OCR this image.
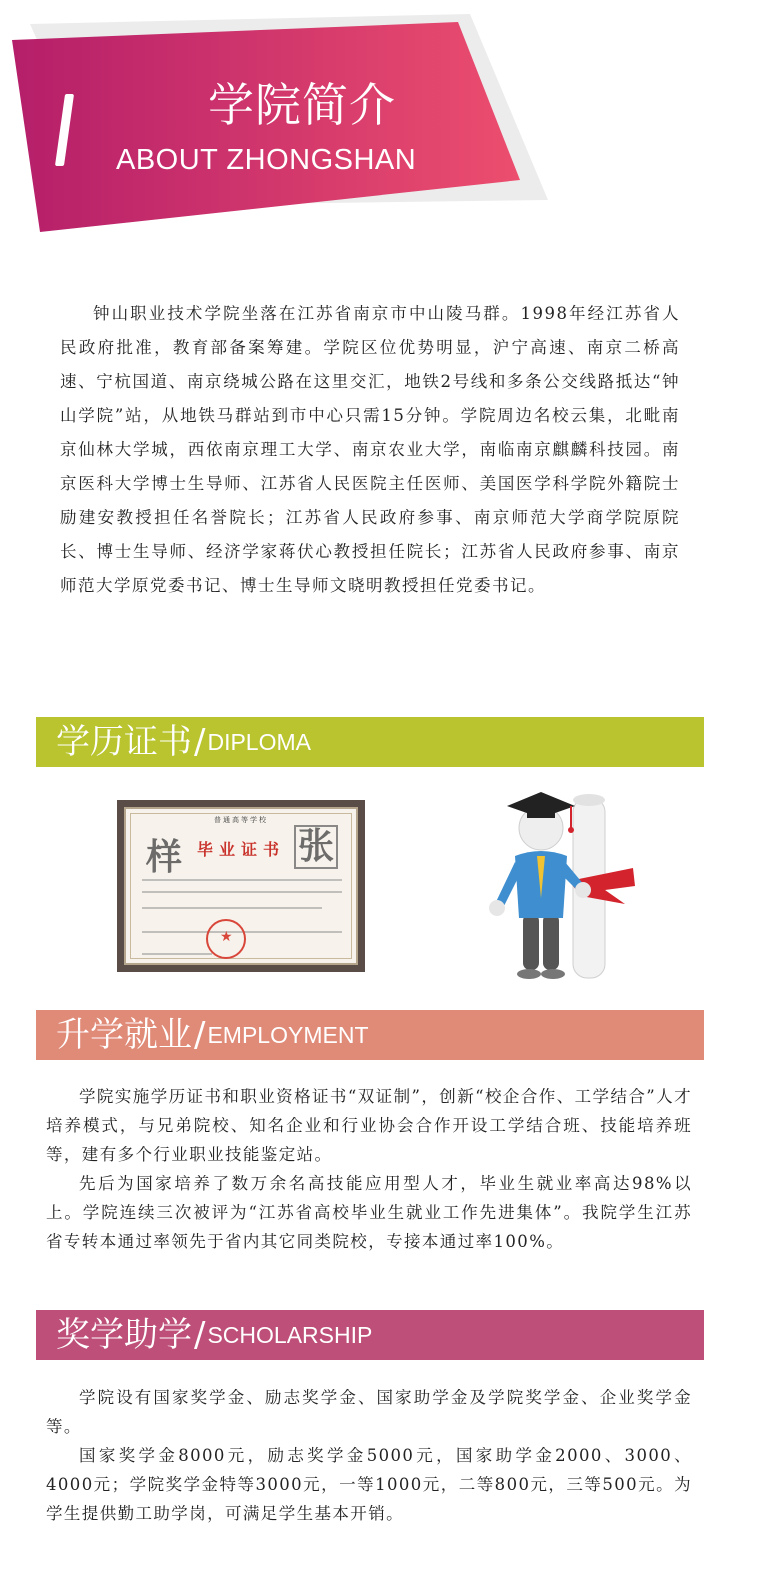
学院简介
ABOUT ZHONGSHAN
钟山职业技术学院坐落在江苏省南京市中山陵马群。1998年经江苏省人民政府批准，教育部备案筹建。学院区位优势明显，沪宁高速、南京二桥高速、宁杭国道、南京绕城公路在这里交汇，地铁2号线和多条公交线路抵达“钟山学院”站，从地铁马群站到市中心只需15分钟。学院周边名校云集，北毗南京仙林大学城，西依南京理工大学、南京农业大学，南临南京麒麟科技园。南京医科大学博士生导师、江苏省人民医院主任医师、美国医学科学院外籍院士励建安教授担任名誉院长；江苏省人民政府参事、南京师范大学商学院原院长、博士生导师、经济学家蒋伏心教授担任院长；江苏省人民政府参事、南京师范大学原党委书记、博士生导师文晓明教授担任党委书记。
学历证书 / DIPLOMA
普通高等学校
样 毕业证书 张
★
升学就业 / EMPLOYMENT

学院实施学历证书和职业资格证书“双证制”，创新“校企合作、工学结合”人才培养模式，与兄弟院校、知名企业和行业协会合作开设工学结合班、技能培养班等，建有多个行业职业技能鉴定站。

先后为国家培养了数万余名高技能应用型人才，毕业生就业率高达98%以上。学院连续三次被评为“江苏省高校毕业生就业工作先进集体”。我院学生江苏省专转本通过率领先于省内其它同类院校，专接本通过率100%。

奖学助学 / SCHOLARSHIP

学院设有国家奖学金、励志奖学金、国家助学金及学院奖学金、企业奖学金等。

国家奖学金8000元，励志奖学金5000元，国家助学金2000、3000、4000元；学院奖学金特等3000元，一等1000元，二等800元，三等500元。为学生提供勤工助学岗，可满足学生基本开销。
